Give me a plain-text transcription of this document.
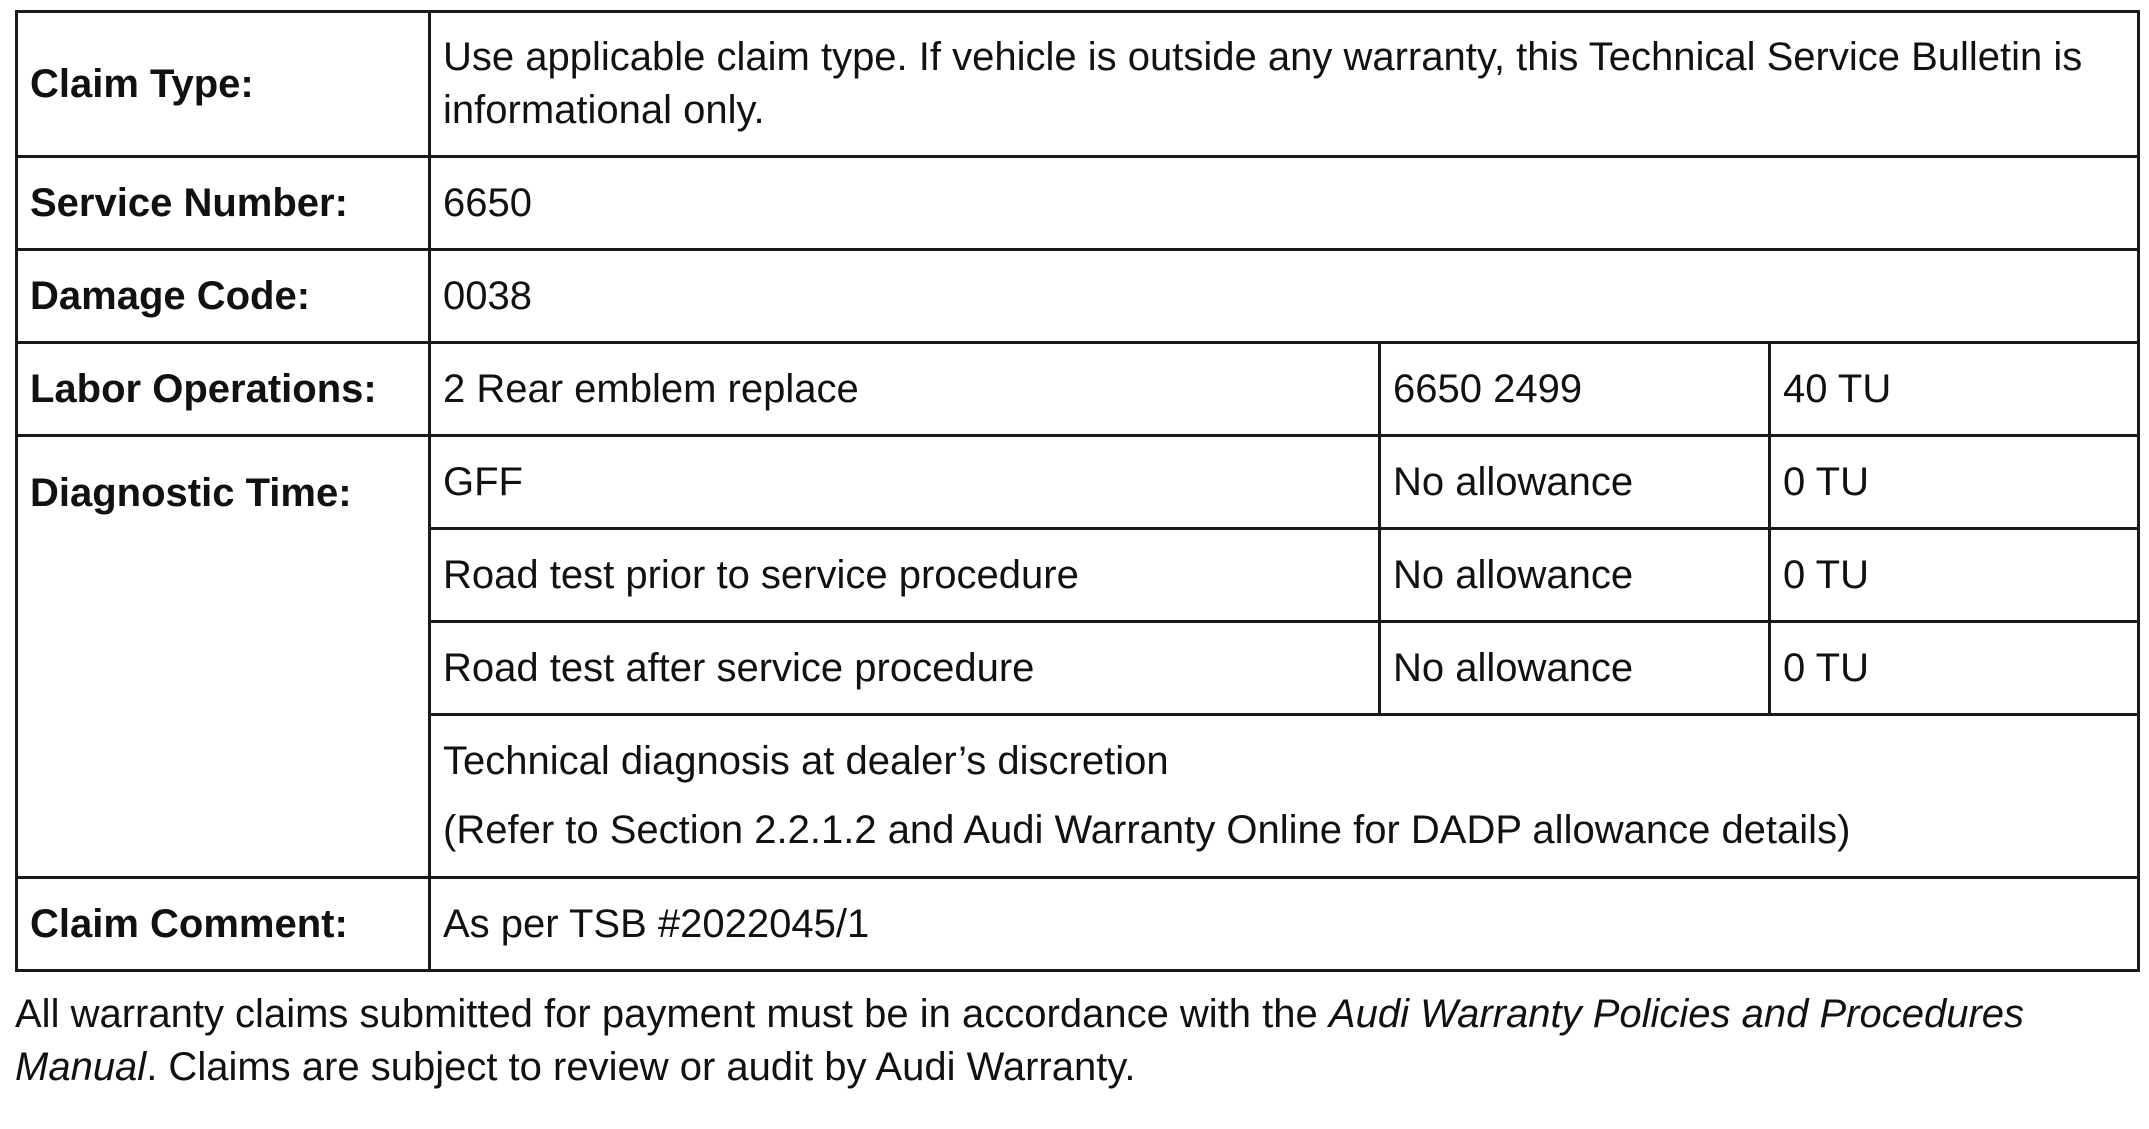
Claim Type:	Use applicable claim type. If vehicle is outside any warranty, this Technical Service Bulletin is informational only.		
Service Number:	6650		
Damage Code:	0038		
Labor Operations:	2 Rear emblem replace	6650 2499	40 TU
Diagnostic Time:	GFF	No allowance	0 TU
	Road test prior to service procedure	No allowance	0 TU
	Road test after service procedure	No allowance	0 TU

	Technical diagnosis at dealer’s discretion
(Refer to Section 2.2.1.2 and Audi Warranty Online for DADP allowance details)		

Claim Comment:	As per TSB #2022045/1		

All warranty claims submitted for payment must be in accordance with the Audi Warranty Policies and Procedures Manual. Claims are subject to review or audit by Audi Warranty.
